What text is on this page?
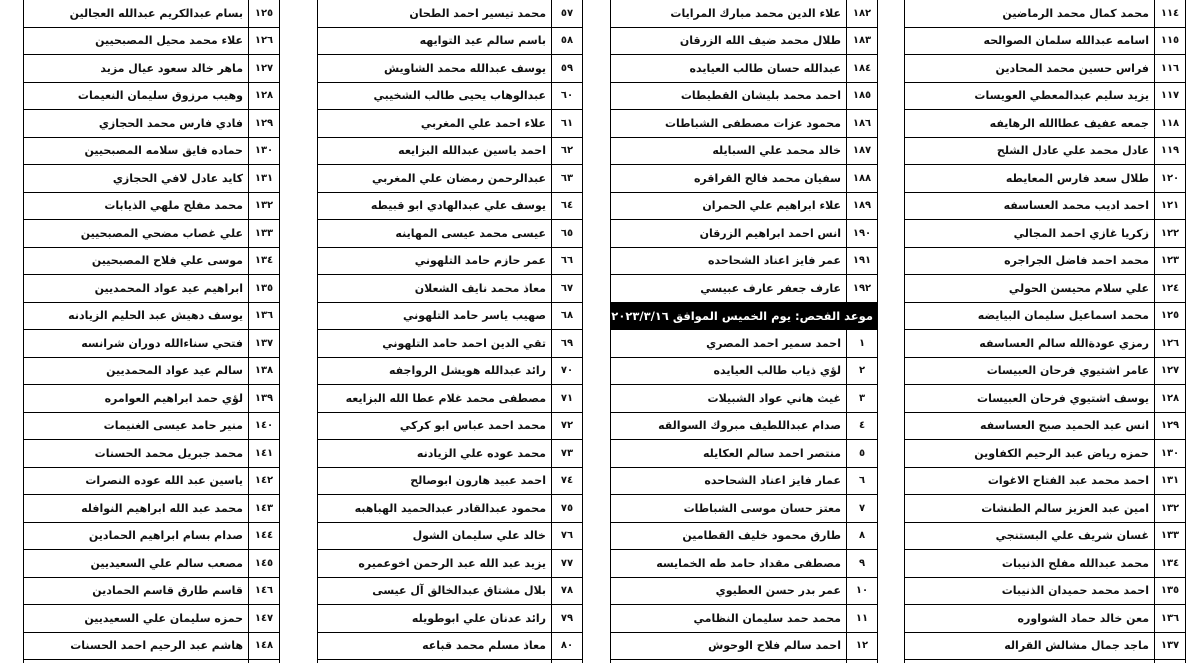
١١٤	محمد كمال محمد الرماضين
١١٥	اسامه عبدالله سلمان الصوالحه
١١٦	فراس حسين محمد المحادين
١١٧	يزيد سليم عبدالمعطي العويسات
١١٨	جمعه عفيف عطاالله الرهايفه
١١٩	عادل محمد علي عادل الشلح
١٢٠	طلال سعد فارس المعايطه
١٢١	احمد اديب محمد العساسفه
١٢٢	زكريا غازي احمد المجالي
١٢٣	محمد احمد فاضل الجراجره
١٢٤	علي سلام محيسن الحولي
١٢٥	محمد اسماعيل سليمان البيايضه
١٢٦	رمزي عودةالله سالم العساسفه
١٢٧	عامر اشتيوي فرحان العبيسات
١٢٨	يوسف اشتيوي فرحان العبيسات
١٢٩	انس عبد الحميد صبح العساسفه
١٣٠	حمزه رياض عبد الرحيم الكفاوين
١٣١	احمد محمد عبد الفتاح الاغوات
١٣٢	امين عبد العزيز سالم الطنشات
١٣٣	غسان شريف علي البستنجي
١٣٤	محمد عبدالله مفلح الذنيبات
١٣٥	احمد محمد حميدان الذنيبات
١٣٦	معن خالد حماد الشواوره
١٣٧	ماجد جمال مشالش القراله

١٨٢	علاء الدين محمد مبارك المرايات
١٨٣	طلال محمد ضيف الله الزرقان
١٨٤	عبدالله حسان طالب العيايده
١٨٥	احمد محمد بليشان القطيطات
١٨٦	محمود عزات مصطفى الشباطات
١٨٧	خالد محمد علي السبايله
١٨٨	سفيان محمد فالح القراقره
١٨٩	علاء ابراهيم علي الحمران
١٩٠	انس احمد ابراهيم الزرقان
١٩١	عمر فايز اعناد الشحاحده
١٩٢	عارف جعفر عارف عبيسي
موعد الفحص: يوم الخميس الموافق ٢٠٢٣/٣/١٦	
١	احمد سمير احمد المصري
٢	لؤي ذياب طالب العيايده
٣	غيث هاني عواد الشبيلات
٤	صدام عبداللطيف مبروك السوالقه
٥	منتصر احمد سالم العكايله
٦	عمار فايز اعناد الشحاحده
٧	معتز حسان موسى الشباطات
٨	طارق محمود خليف القطامين
٩	مصطفى مقداد حامد طه الخمايسه
١٠	عمر بدر حسن العطيوي
١١	محمد حمد سليمان النظامي
١٢	احمد سالم فلاح الوحوش

٥٧	محمد تيسير احمد الطحان
٥٨	باسم سالم عيد التوايهه
٥٩	يوسف عبدالله محمد الشاويش
٦٠	عبدالوهاب يحيى طالب الشخيبي
٦١	علاء احمد علي المغربي
٦٢	احمد ياسين عبدالله البزايعه
٦٣	عبدالرحمن رمضان علي المغربي
٦٤	يوسف علي عبدالهادي ابو قبيطه
٦٥	عيسى محمد عيسى المهاينه
٦٦	عمر حازم حامد التلهوني
٦٧	معاذ محمد نايف الشعلان
٦٨	صهيب ياسر حامد التلهوني
٦٩	تقي الدين احمد حامد التلهوني
٧٠	رائد عبدالله هويشل الرواجفه
٧١	مصطفى محمد غلام عطا الله البزايعه
٧٢	محمد احمد عباس ابو كركي
٧٣	محمد عوده علي الزيادنه
٧٤	احمد عبيد هارون ابوصالح
٧٥	محمود عبدالقادر عبدالحميد الهباهبه
٧٦	خالد علي سليمان الشول
٧٧	يزيد عبد الله عبد الرحمن اخوعميره
٧٨	بلال مشتاق عبدالخالق آل عيسى
٧٩	رائد عدنان علي ابوطويله
٨٠	معاذ مسلم محمد قباعه

١٢٥	بسام عبدالكريم عبدالله العجالين
١٢٦	علاء محمد محيل المصبحيين
١٢٧	ماهر خالد سعود عيال مزيد
١٢٨	وهيب مرزوق سليمان النعيمات
١٢٩	فادي فارس محمد الحجازي
١٣٠	حماده فايق سلامه المصبحيين
١٣١	كايد عادل لافي الحجازي
١٣٢	محمد مفلح ملهي الذيابات
١٣٣	علي غصاب مضحي المصبحيين
١٣٤	موسى علي فلاح المصبحيين
١٣٥	ابراهيم عيد عواد المحمديين
١٣٦	يوسف دهيش عبد الحليم الزيادنه
١٣٧	فتحي سناءالله دوران شرانسه
١٣٨	سالم عيد عواد المحمديين
١٣٩	لؤي حمد ابراهيم العوامره
١٤٠	منير حامد عيسى الغنيمات
١٤١	محمد جبريل محمد الحسنات
١٤٢	ياسين عبد الله عوده النصرات
١٤٣	محمد عبد الله ابراهيم النوافله
١٤٤	صدام بسام ابراهيم الحمادين
١٤٥	مصعب سالم علي السعيديين
١٤٦	قاسم طارق قاسم الحمادين
١٤٧	حمزه سليمان علي السعيديين
١٤٨	هاشم عبد الرحيم احمد الحسنات
